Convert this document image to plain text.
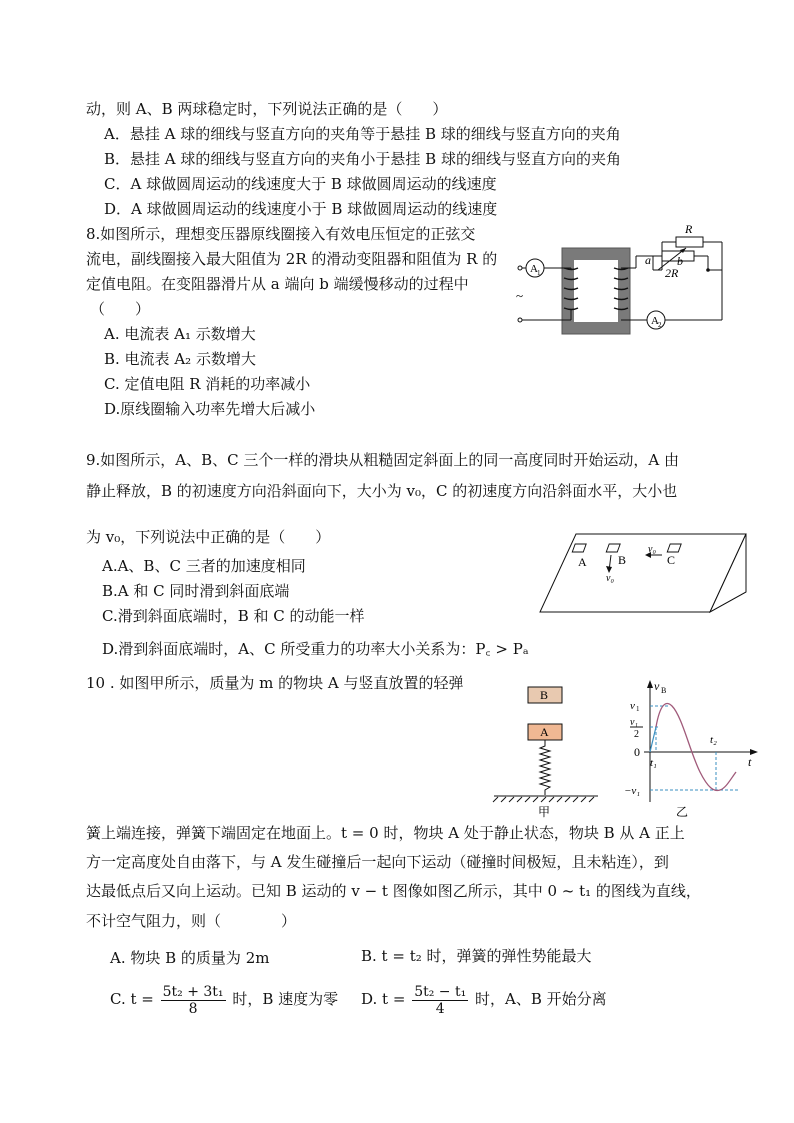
动，则 A、B 两球稳定时，下列说法正确的是（　　）
A．悬挂 A 球的细线与竖直方向的夹角等于悬挂 B 球的细线与竖直方向的夹角
B．悬挂 A 球的细线与竖直方向的夹角小于悬挂 B 球的细线与竖直方向的夹角
C．A 球做圆周运动的线速度大于 B 球做圆周运动的线速度
D．A 球做圆周运动的线速度小于 B 球做圆周运动的线速度
8.如图所示，理想变压器原线圈接入有效电压恒定的正弦交
流电，副线圈接入最大阻值为 2R 的滑动变阻器和阻值为 R 的
定值电阻。在变阻器滑片从 a 端向 b 端缓慢移动的过程中
（　　）
A. 电流表 A₁ 示数增大
B. 电流表 A₂ 示数增大
C. 定值电阻 R 消耗的功率减小
D.原线圈输入功率先增大后减小
A 1
~
R
a b
2R
A 2
9.如图所示，A、B、C 三个一样的滑块从粗糙固定斜面上的同一高度同时开始运动，A 由
静止释放，B 的初速度方向沿斜面向下，大小为 v₀，C 的初速度方向沿斜面水平，大小也
为 v₀，下列说法中正确的是（　　）
A.A、B、C 三者的加速度相同
B.A 和 C 同时滑到斜面底端
C.滑到斜面底端时，B 和 C 的动能一样
D.滑到斜面底端时，A、C 所受重力的功率大小关系为：P꜀ > Pₐ
A	B	C
v₀
v₀
10 . 如图甲所示，质量为 m 的物块 A 与竖直放置的轻弹
B
A
甲
v B
t
v 1
v₁
2
0
t₁
t₂
−v₁
乙
簧上端连接，弹簧下端固定在地面上。t = 0 时，物块 A 处于静止状态，物块 B 从 A 正上
方一定高度处自由落下，与 A 发生碰撞后一起向下运动（碰撞时间极短，且未粘连），到
达最低点后又向上运动。已知 B 运动的 v − t 图像如图乙所示，其中 0 ~ t₁ 的图线为直线，
不计空气阻力，则（　　　　）
A. 物块 B 的质量为 2m	B. t = t₂ 时，弹簧的弹性势能最大
C. $t = \frac{\text{5t₂ + 3t₁}}{8}$ 时，B 速度为零 D. $t = \frac{\text{5t₂ − t₁}}{4}$ 时，A、B 开始分离
